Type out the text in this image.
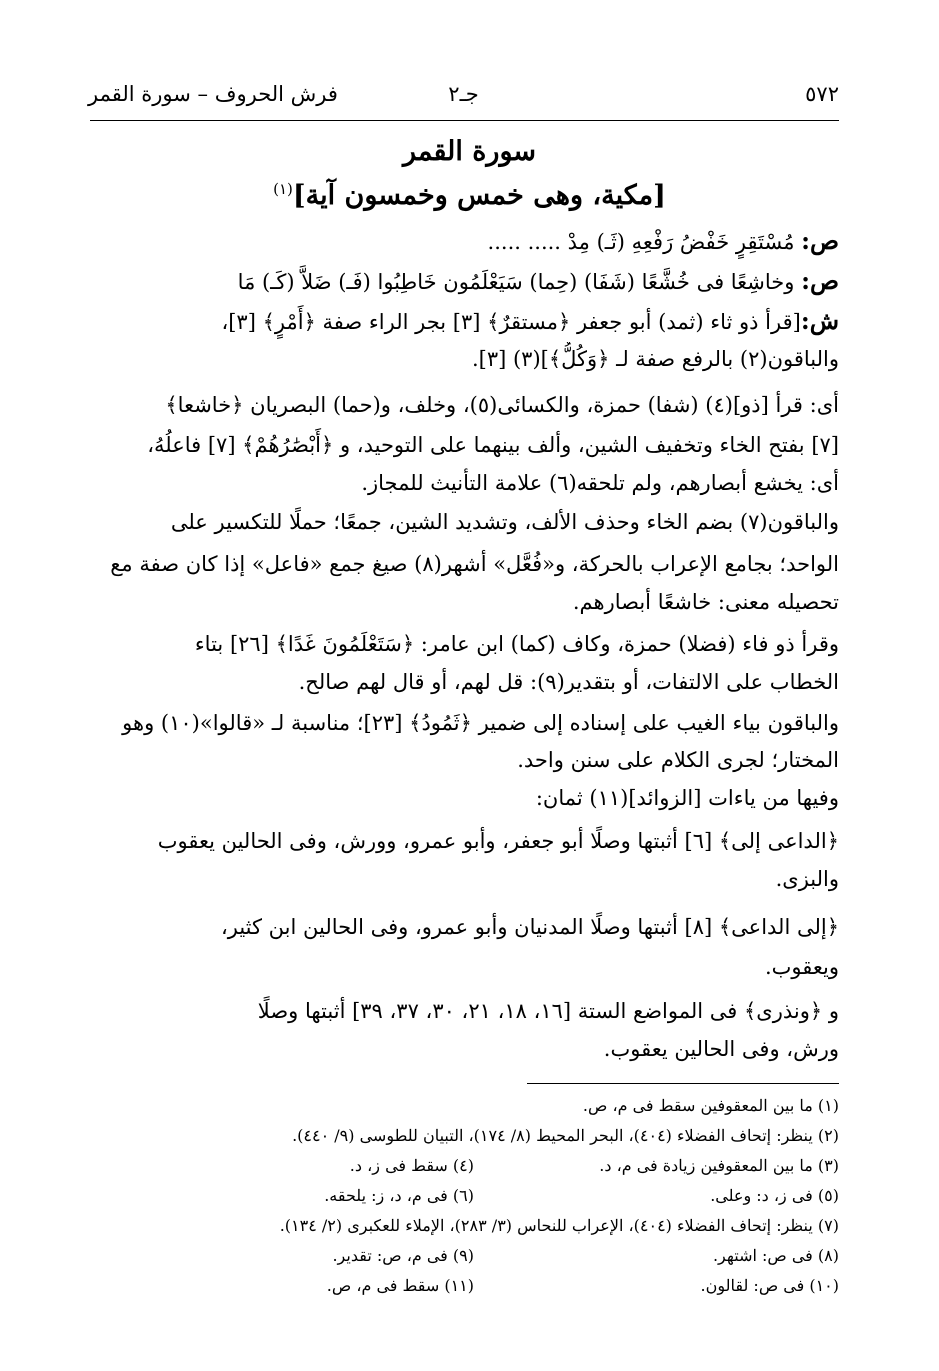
٥٧٢
جـ٢
فرش الحروف – سورة القمر
سورة القمر
[مكية، وهى خمس وخمسون آية]$^{(١)}$
ص: مُسْتَقِرٍ خَفْضُ رَفْعِهِ (ثَـ) مِدْ ..... .....
ص: وخاشِعًا فى خُشَّعًا (شَفَا) (حِما) سَيَعْلَمُون خَاطِبُوا (فَـ) ضَلاَّ (كَـ) مَا
ش:[قرأ ذو ثاء (ثمد) أبو جعفر ﴿مستقرٌ﴾ [٣] بجر الراء صفة ﴿أَمْرٍ﴾ [٣]،
والباقون(٢) بالرفع صفة لـ ﴿وَكُلُّ﴾](٣) [٣].
أى: قرأ [ذو](٤) (شفا) حمزة، والكسائى(٥)، وخلف، و(حما) البصريان ﴿خاشعا﴾
[٧] بفتح الخاء وتخفيف الشين، وألف بينهما على التوحيد، و ﴿أَبْصَٰرُهُمْ﴾ [٧] فاعلُهُ،
أى: يخشع أبصارهم، ولم تلحقه(٦) علامة التأنيث للمجاز.
والباقون(٧) بضم الخاء وحذف الألف، وتشديد الشين، جمعًا؛ حملًا للتكسير على
الواحد؛ بجامع الإعراب بالحركة، و«فُعَّل» أشهر(٨) صيغ جمع «فاعل» إذا كان صفة مع
تحصيله معنى: خاشعًا أبصارهم.
وقرأ ذو فاء (فضلا) حمزة، وكاف (كما) ابن عامر: ﴿سَتَعْلَمُونَ غَدًا﴾ [٢٦] بتاء
الخطاب على الالتفات، أو بتقدير(٩): قل لهم، أو قال لهم صالح.
والباقون بياء الغيب على إسناده إلى ضمير ﴿ثَمُودُ﴾ [٢٣]؛ مناسبة لـ «قالوا»(١٠) وهو
المختار؛ لجرى الكلام على سنن واحد.
وفيها من ياءات [الزوائد](١١) ثمان:
﴿الداعى إلى﴾ [٦] أثبتها وصلًا أبو جعفر، وأبو عمرو، وورش، وفى الحالين يعقوب
والبزى.
﴿إلى الداعى﴾ [٨] أثبتها وصلًا المدنيان وأبو عمرو، وفى الحالين ابن كثير،
ويعقوب.
و ﴿ونذرى﴾ فى المواضع الستة [١٦، ١٨، ٢١، ٣٠، ٣٧، ٣٩] أثبتها وصلًا
ورش، وفى الحالين يعقوب.
(١) ما بين المعقوفين سقط فى م، ص.
(٢) ينظر: إتحاف الفضلاء (٤٠٤)، البحر المحيط (٨/ ١٧٤)، التبيان للطوسى (٩/ ٤٤٠).
(٣) ما بين المعقوفين زيادة فى م، د.
(٤) سقط فى ز، د.
(٥) فى ز، د: وعلى.
(٦) فى م، د، ز: يلحقه.
(٧) ينظر: إتحاف الفضلاء (٤٠٤)، الإعراب للنحاس (٣/ ٢٨٣)، الإملاء للعكبرى (٢/ ١٣٤).
(٨) فى ص: اشتهر.
(٩) فى م، ص: تقدير.
(١٠) فى ص: لقالون.
(١١) سقط فى م، ص.
